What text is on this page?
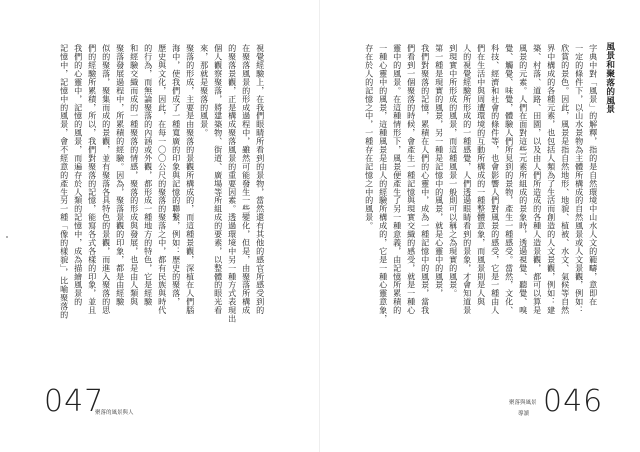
記憶中，記憶中的風景，會不經意的產生另一種「像的樣貌」，比喻聚落的 我們的心靈中，記憶的風景，而遍存於人類的記憶中，成為描繪風景的 們的經驗所累積，所以，我們對聚落的記憶，能寫各式各樣的印象，並且 似的聚落，聚集而成的景觀，並有聚落各具特色的景觀，而進入聚落的思 聚落發展過程中，所累積的經驗。因為，聚落景觀的印象，都是由經驗 和經驗交織而成的一種聚落的情感，聚落的形成與發展，也是由人類與 的行為，而無論聚落的內涵或外觀，都形成一種地方的特色，它是經驗 歷史與文化，因此，在每一〇〇公尺的聚落的聚落之中，都有民族與時代 海中，使我們成了一種寬廣的印象與記憶的聯繫，例如：歷史的聚落， 聚落的形成，主要是由聚落的景觀所構成的，而這種景觀，深植在人們腦 來，那就是聚落的風景。 個人觀察聚落，將建築物、街道、廣場等所組成的要素，以整體的眼光看 的聚落景觀，正是構成聚落風景的重要因素。透過環境中另一種方式表現出 在聚落風景的形成過程中，雖然可能發生一些變化，但是，由聚落所構成 視覺經驗上，在我們眼睛所看到的景物，當然還有其他的感官所感受到的
047
聚落的風景與人
存在於人的記憶之中，一種存在記憶之中的風景。 一種心靈中的風景，這種風景是由人的經驗所構成的，它是一種心靈意象， 靈中的風景。在這種情形下，風景便產生了另一種意義，由記憶所累積的 們看到一個聚落的時候，會產生一種記憶與現實交織的感受，就是一種心 我們對聚落的記憶，累積在人們的心靈中，成為一種記憶中的風景，當我 第一種是現實的風景，另一種是記憶中的風景，就是心靈中的風景， 到現實中所形成的風景，而這種風景一般則可以稱之為現實的風景。 人的視覺經驗所形成的一種感覺，人們透過眼睛看到的景象，才會知道景 們在生活中與周遭環境的互動所構成的一種整體意象，而風景則是人與 科技、經濟和社會的條件等，也會影響人們對風景的感受，它是一種由人 覺、觸覺、味覺，體驗人們所見到的景物，產生一種感受。當然，文化、 風景的元素。人們在面對這些元素所組成的景象時，透過視覺、聽覺、嗅 築、村落、道路、田園，以及由人們所造成的各種人造景觀，都可以算是 界中構成的各種元素，也包括人類為了生活而創造的人文景觀，例如：建 欣賞的景色。因此，風景是指自然地形、地貌、植被、水文、氣候等自然 一定的條件下，以山水景物為主體所構成的自然風景或人文景觀，例如： 字典中對「風景」的解釋，指的是自然環境中山水人文的範疇，意即在 風景和聚落的風景
046
聚落與風景
導讀
